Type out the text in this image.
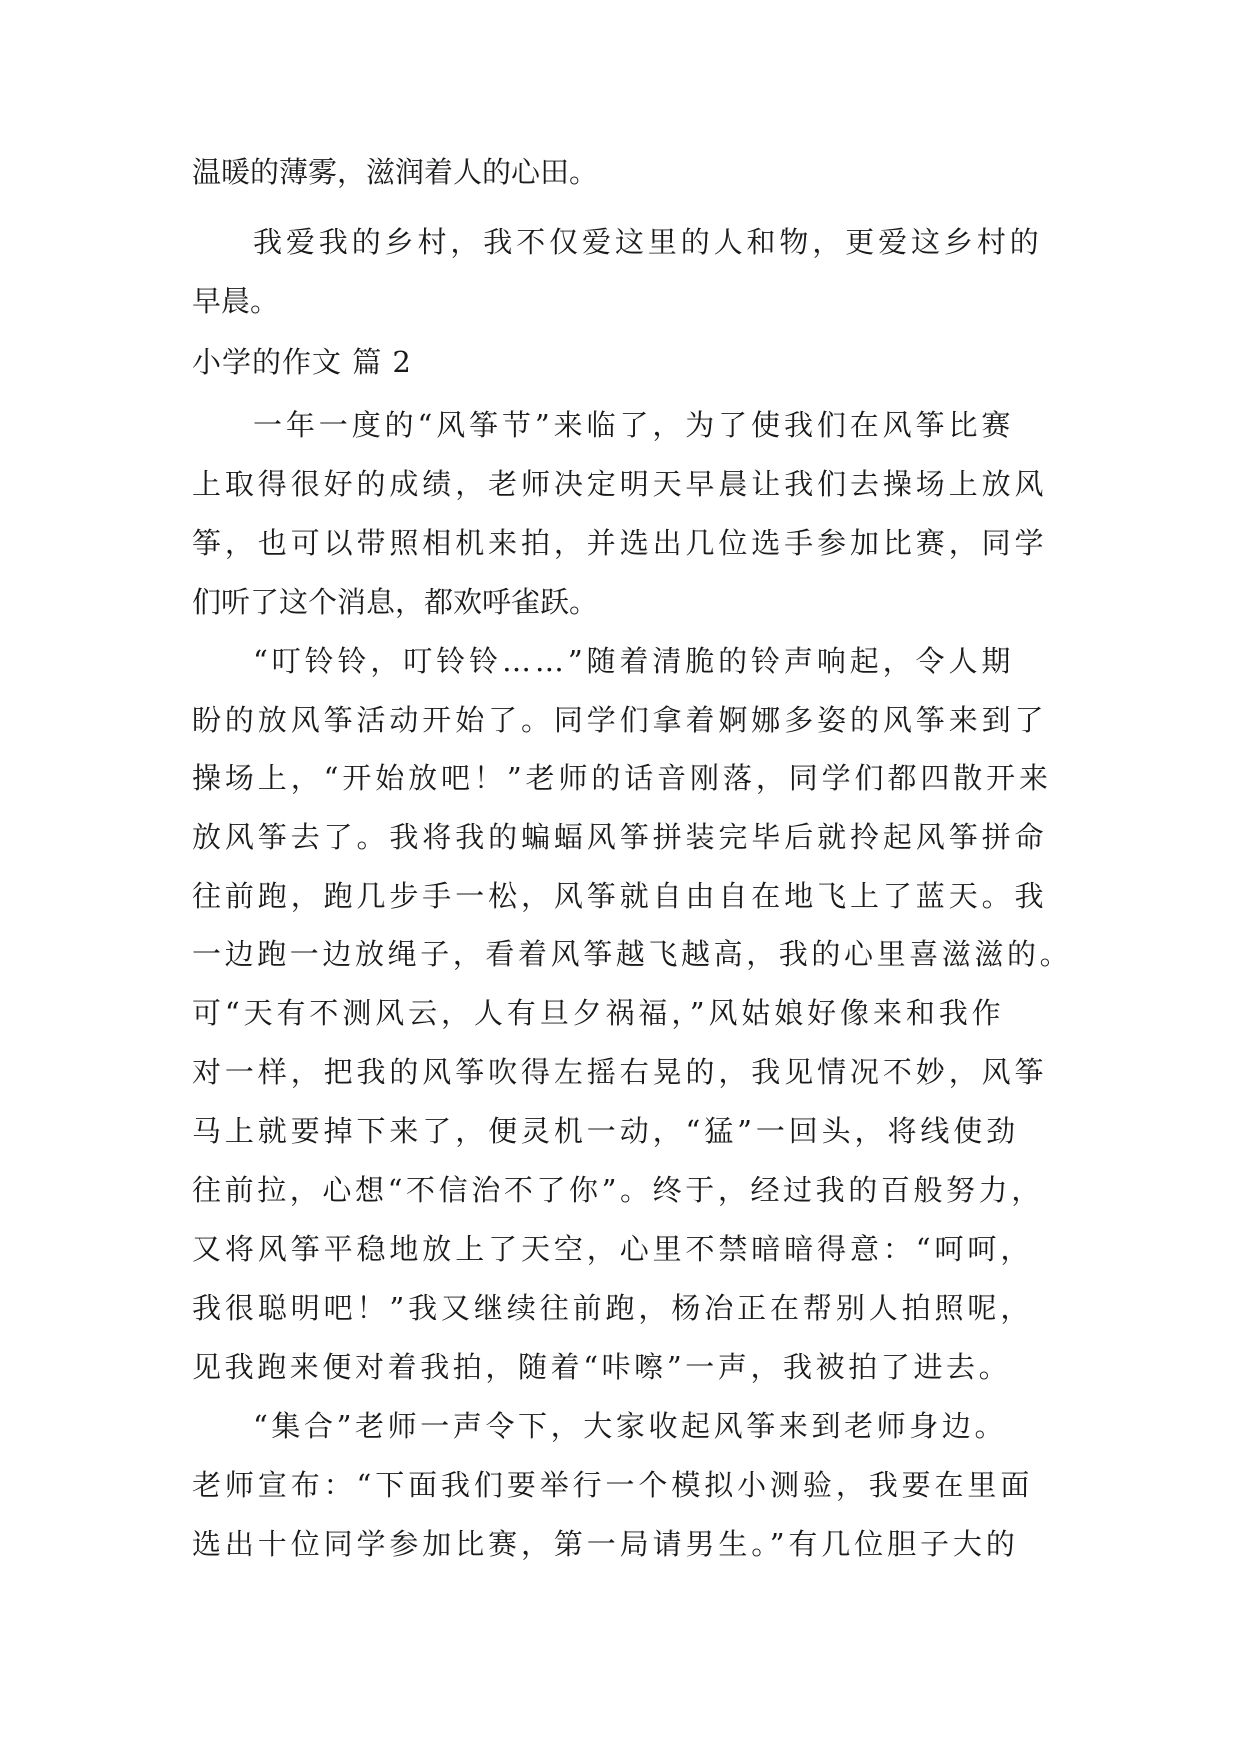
温暖的薄雾，滋润着人的心田。

我爱我的乡村，我不仅爱这里的人和物，更爱这乡村的

早晨。

小学的作文 篇 2

一年一度的“风筝节”来临了，为了使我们在风筝比赛

上取得很好的成绩，老师决定明天早晨让我们去操场上放风

筝，也可以带照相机来拍，并选出几位选手参加比赛，同学

们听了这个消息，都欢呼雀跃。

“叮铃铃，叮铃铃……”随着清脆的铃声响起，令人期

盼的放风筝活动开始了。同学们拿着婀娜多姿的风筝来到了

操场上，“开始放吧！”老师的话音刚落，同学们都四散开来

放风筝去了。我将我的蝙蝠风筝拼装完毕后就拎起风筝拼命

往前跑，跑几步手一松，风筝就自由自在地飞上了蓝天。我

一边跑一边放绳子，看着风筝越飞越高，我的心里喜滋滋的。

可“天有不测风云，人有旦夕祸福，”风姑娘好像来和我作

对一样，把我的风筝吹得左摇右晃的，我见情况不妙，风筝

马上就要掉下来了，便灵机一动，“猛”一回头，将线使劲

往前拉，心想“不信治不了你”。终于，经过我的百般努力，

又将风筝平稳地放上了天空，心里不禁暗暗得意：“呵呵，

我很聪明吧！”我又继续往前跑，杨冶正在帮别人拍照呢，

见我跑来便对着我拍，随着“咔嚓”一声，我被拍了进去。

“集合”老师一声令下，大家收起风筝来到老师身边。

老师宣布：“下面我们要举行一个模拟小测验，我要在里面

选出十位同学参加比赛，第一局请男生。”有几位胆子大的
